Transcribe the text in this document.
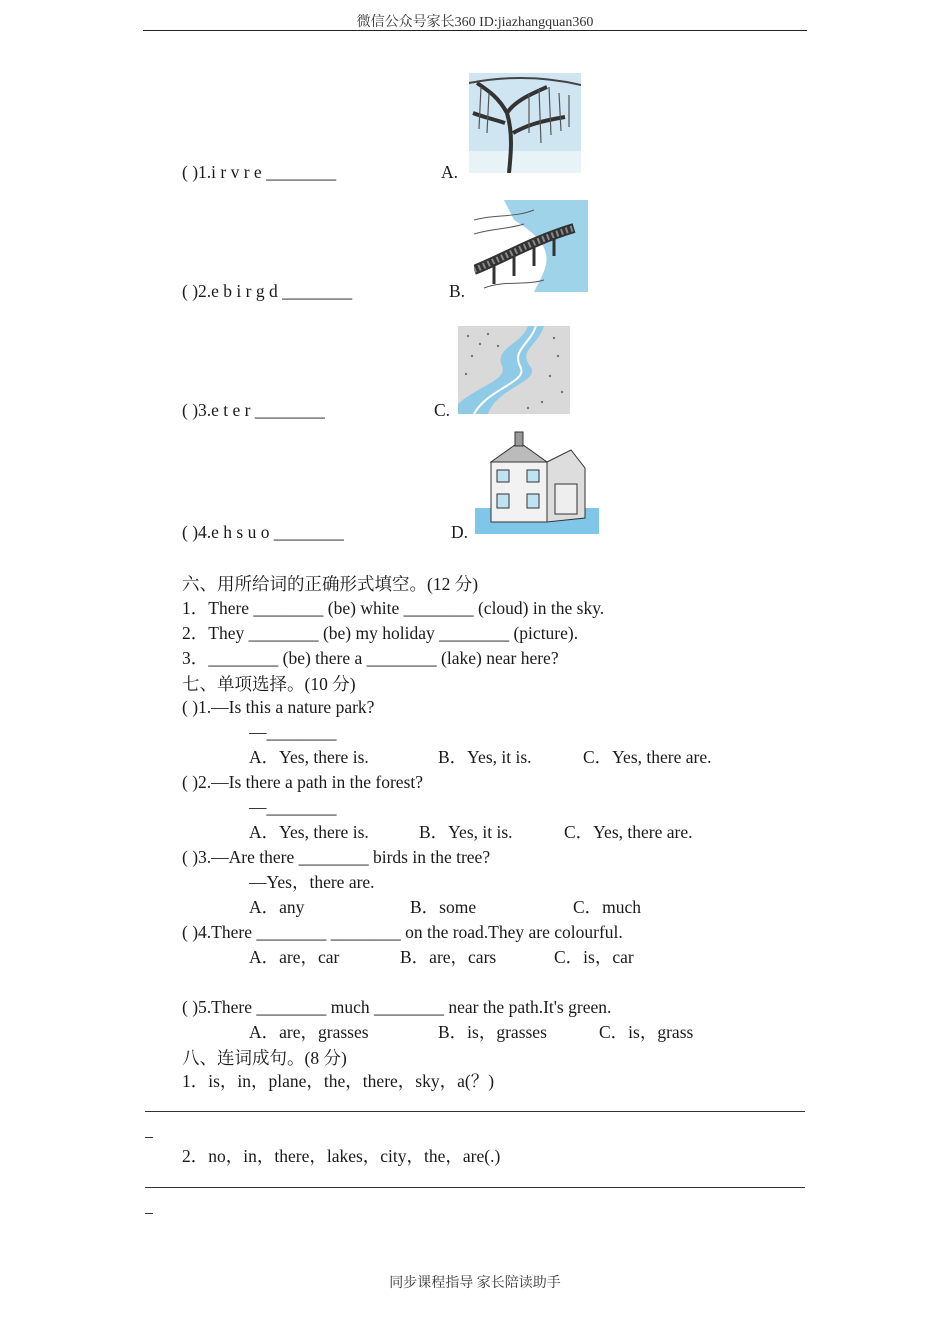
微信公众号家长360 ID:jiazhangquan360
( )1.i r v r e ________	A.
( )2.e b i r g d ________	B.
( )3.e t e r ________	C.
( )4.e h s u o ________	D.
六、用所给词的正确形式填空。(12 分)
1．There ________ (be) white ________ (cloud) in the sky.
2．They ________ (be) my holiday ________ (picture).
3．________ (be) there a ________ (lake) near here?
七、单项选择。(10 分)
( )1.—Is this a nature park?
—________
A．Yes, there is.	B．Yes, it is.	C．Yes, there are.
( )2.—Is there a path in the forest?
—________
A．Yes, there is.	B．Yes, it is.	C．Yes, there are.
( )3.—Are there ________ birds in the tree?
—Yes，there are.
A．any	B．some	C．much
( )4.There ________ ________ on the road.They are colourful.
A．are，car	B．are，cars	C．is，car
( )5.There ________ much ________ near the path.It's green.
A．are，grasses	B．is，grasses	C．is，grass
八、连词成句。(8 分)
1．is，in，plane，the，there，sky，a(？)
2．no，in，there，lakes，city，the，are(.)
同步课程指导 家长陪读助手
